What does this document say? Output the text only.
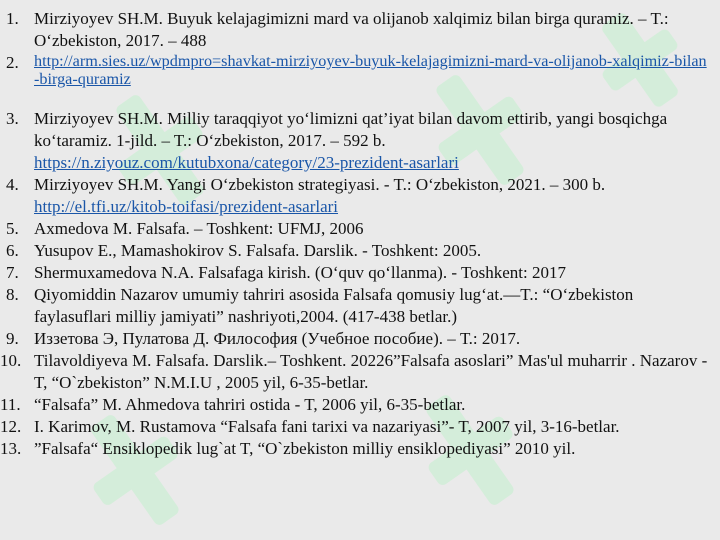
1. Mirziyoyev SH.M. Buyuk kelajagimizni mard va olijanob xalqimiz bilan birga quramiz. – T.: O‘zbekiston, 2017. – 488
2. http://arm.sies.uz/wpdmpro=shavkat-mirziyoyev-buyuk-kelajagimizni-mard-va-olijanob-xalqimiz-bilan-birga-quramiz
3. Mirziyoyev SH.M. Milliy taraqqiyot yo‘limizni qat’iyat bilan davom ettirib, yangi bosqichga ko‘taramiz. 1-jild. – T.: O‘zbekiston, 2017. – 592 b.
https://n.ziyouz.com/kutubxona/category/23-prezident-asarlari
4. Mirziyoyev SH.M. Yangi O‘zbekiston strategiyasi. - T.: O‘zbekiston, 2021. – 300 b.  http://el.tfi.uz/kitob-toifasi/prezident-asarlari
5. Axmedova M. Falsafa. – Toshkent: UFMJ, 2006
6. Yusupov E., Mamashokirov S. Falsafa. Darslik. - Toshkent: 2005.
7. Shermuxamedova N.A. Falsafaga kirish. (O‘quv qo‘llanma). - Toshkent: 2017
8. Qiyomiddin Nazarov umumiy tahriri asosida Falsafa qomusiy lug‘at.—T.: “O‘zbekiston faylasuflari milliy jamiyati” nashriyoti,2004. (417-438 betlar.)
9. Иззетова Э, Пулатова Д. Философия (Учебное пособие). – Т.: 2017.
10. Tilavoldiyeva M. Falsafa. Darslik.– Toshkent. 20226”Falsafa asoslari” Mas'ul muharrir . Nazarov - T, “O`zbekiston” N.M.I.U , 2005 yil, 6-35-betlar.
11. “Falsafa” M. Ahmedova tahriri ostida - T, 2006 yil, 6-35-betlar.
12. I. Karimov, M. Rustamova “Falsafa fani tarixi va nazariyasi”- T, 2007 yil, 3-16-betlar.
13. ”Falsafa“ Ensiklopedik lug`at T, “O`zbekiston milliy ensiklopediyasi” 2010 yil.
